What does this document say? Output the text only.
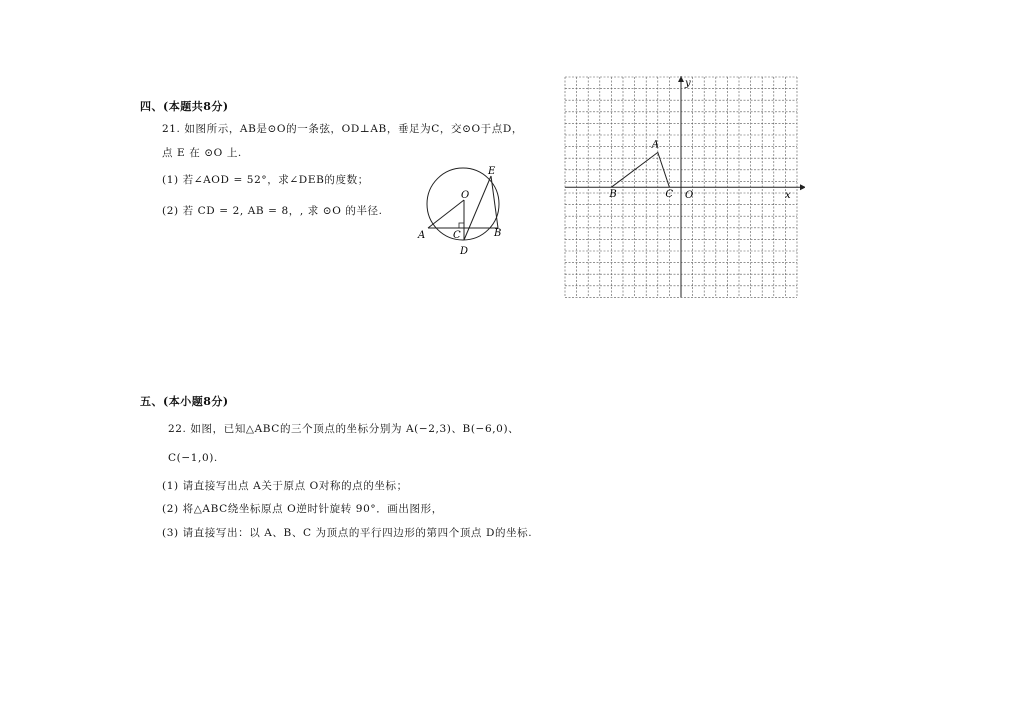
四、(本题共8分)
21. 如图所示，AB是⊙O的一条弦，OD⊥AB，垂足为C，交⊙O于点D，
点 E 在 ⊙O 上.
(1) 若∠AOD = 52°，求∠DEB的度数；
(2) 若 CD = 2, AB = 8，, 求 ⊙O 的半径.
O
E
A	C	B
D
x
y
O
A
B	C
五、(本小题8分)
22. 如图，已知△ABC的三个顶点的坐标分别为 A(−2,3)、B(−6,0)、
C(−1,0).
(1) 请直接写出点 A关于原点 O对称的点的坐标；
(2) 将△ABC绕坐标原点 O逆时针旋转 90°．画出图形，
(3) 请直接写出：以 A、B、C 为顶点的平行四边形的第四个顶点 D的坐标.
